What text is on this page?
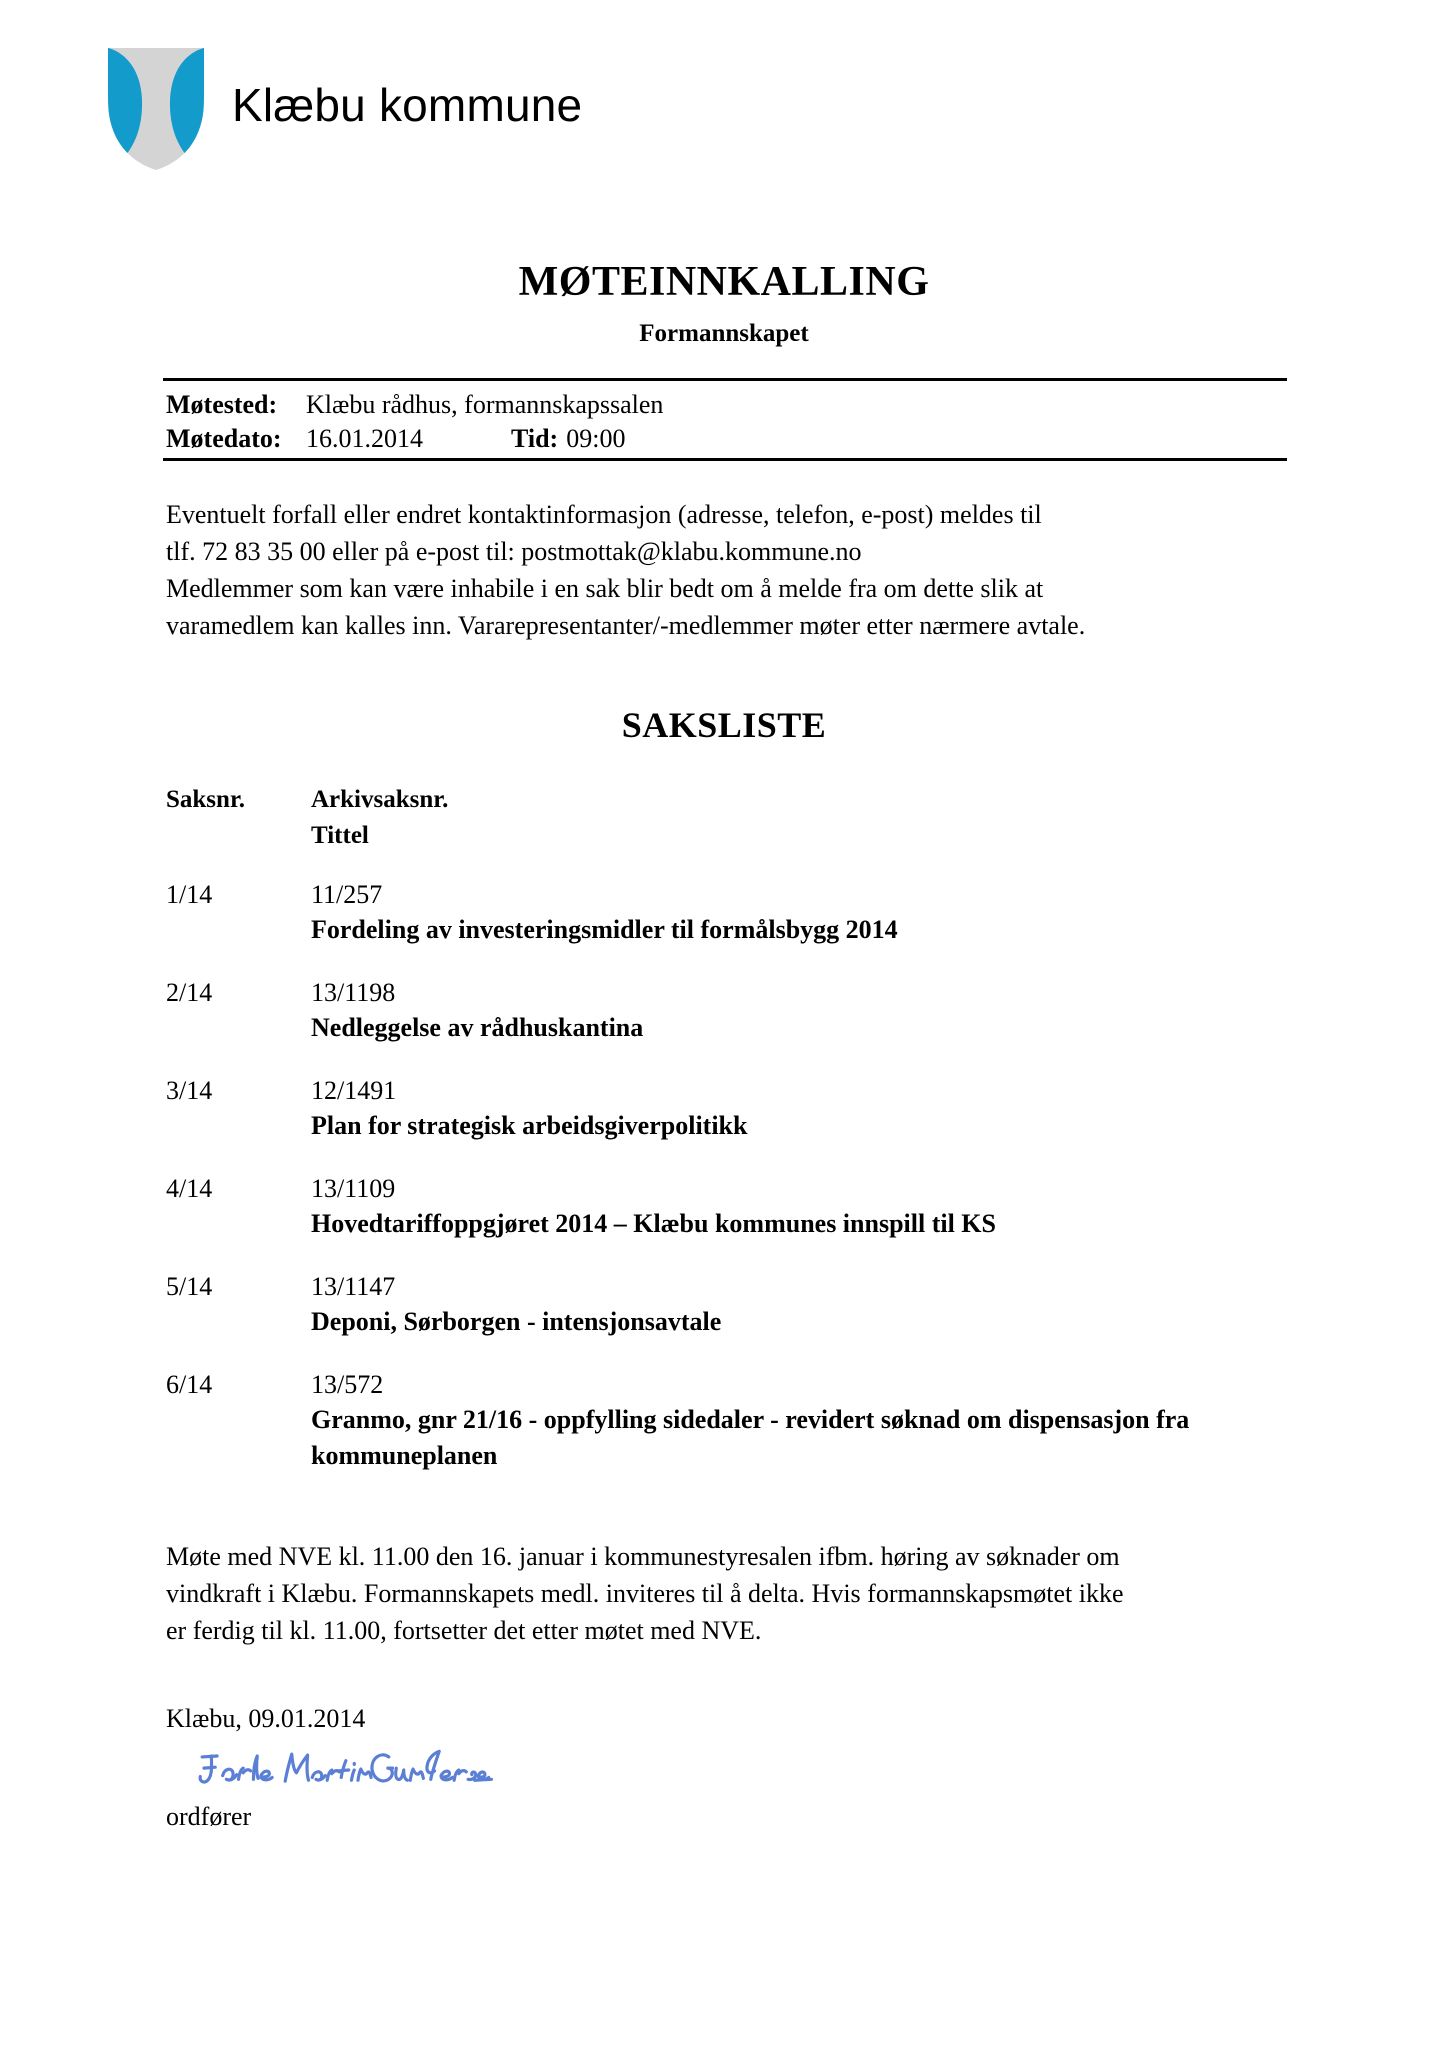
Klæbu kommune
MØTEINNKALLING
Formannskapet
Møtested:	Klæbu rådhus, formannskapssalen
Møtedato: 16.01.2014	Tid: 09:00
Eventuelt forfall eller endret kontaktinformasjon (adresse, telefon, e-post) meldes til
tlf. 72 83 35 00 eller på e-post til: postmottak@klabu.kommune.no
Medlemmer som kan være inhabile i en sak blir bedt om å melde fra om dette slik at
varamedlem kan kalles inn. Vararepresentanter/-medlemmer møter etter nærmere avtale.
SAKSLISTE
Saksnr.	Arkivsaksnr.
Tittel
1/14	11/257
Fordeling av investeringsmidler til formålsbygg 2014
2/14	13/1198
Nedleggelse av rådhuskantina
3/14	12/1491
Plan for strategisk arbeidsgiverpolitikk
4/14	13/1109
Hovedtariffoppgjøret 2014 – Klæbu kommunes innspill til KS
5/14	13/1147
Deponi, Sørborgen - intensjonsavtale
6/14	13/572
Granmo, gnr 21/16 - oppfylling sidedaler - revidert søknad om dispensasjon fra kommuneplanen
Møte med NVE kl. 11.00 den 16. januar i kommunestyresalen ifbm. høring av søknader om
vindkraft i Klæbu. Formannskapets medl. inviteres til å delta. Hvis formannskapsmøtet ikke
er ferdig til kl. 11.00, fortsetter det etter møtet med NVE.
Klæbu, 09.01.2014
ordfører
